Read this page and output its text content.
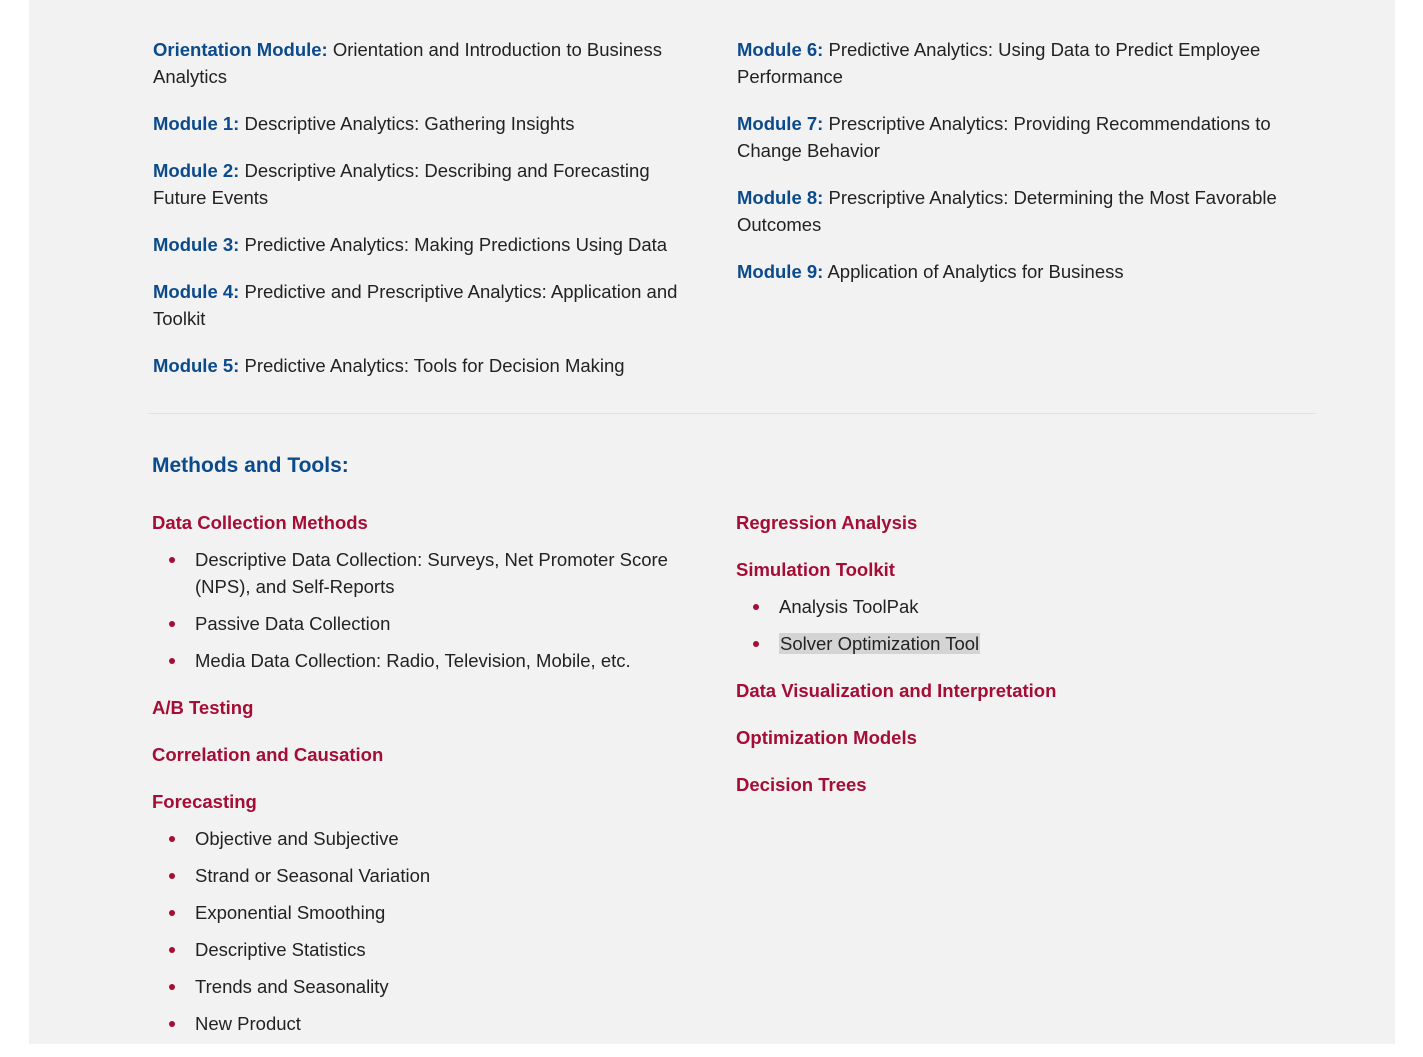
Orientation Module: Orientation and Introduction to Business Analytics

Module 1: Descriptive Analytics: Gathering Insights

Module 2: Descriptive Analytics: Describing and Forecasting Future Events

Module 3: Predictive Analytics: Making Predictions Using Data

Module 4: Predictive and Prescriptive Analytics: Application and Toolkit

Module 5: Predictive Analytics: Tools for Decision Making

Module 6: Predictive Analytics: Using Data to Predict Employee Performance

Module 7: Prescriptive Analytics: Providing Recommendations to Change Behavior

Module 8: Prescriptive Analytics: Determining the Most Favorable Outcomes

Module 9: Application of Analytics for Business

Methods and Tools:
Data Collection Methods
Descriptive Data Collection: Surveys, Net Promoter Score (NPS), and Self-Reports
Passive Data Collection
Media Data Collection: Radio, Television, Mobile, etc.
A/B Testing
Correlation and Causation
Forecasting
Objective and Subjective
Strand or Seasonal Variation
Exponential Smoothing
Descriptive Statistics
Trends and Seasonality
New Product
Regression Analysis
Simulation Toolkit
Analysis ToolPak
Solver Optimization Tool
Data Visualization and Interpretation
Optimization Models
Decision Trees
